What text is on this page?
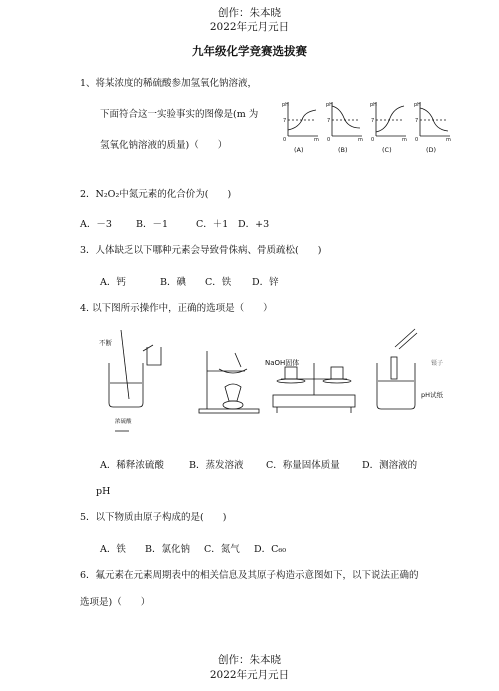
创作：朱本晓
2022年元月元日
九年级化学竞赛选拔赛
1、将某浓度的稀硫酸参加氢氧化钠溶液，
下面符合这一实验事实的图像是(m 为
氢氧化钠溶液的质量)（　　）
pH	pH	pH	pH
7	7	7	7
0	0	0	0
m	m	m	m
(A)	(B)	(C)	(D)
2．N₂O₂中氮元素的化合价为(　　)
A．－3	B．－1	C．＋1 D．+3
3．人体缺乏以下哪种元素会导致骨侏病、骨质疏松(　　)
A．钙	B．碘 C．铁 D．锌
4. 以下图所示操作中，正确的选项是（　　）
不断
浓硫酸
NaOH固体	镊子
pH试纸
A．稀释浓硫酸	B．蒸发溶液 C．称量固体质量 D．测溶液的
pH
5．以下物质由原子构成的是(　　)
A．铁 B．氯化钠 C．氮气 D．C₆₀
6．氟元素在元素周期表中的相关信息及其原子构造示意图如下，以下说法正确的
选项是)（　　）
创作：朱本晓
2022年元月元日
